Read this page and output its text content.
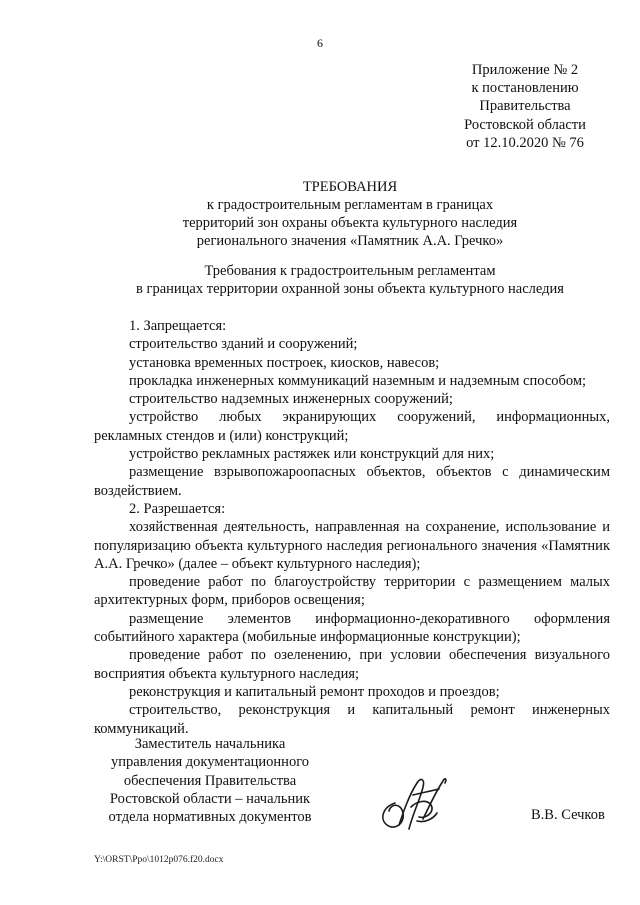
6
Приложение № 2
к постановлению
Правительства
Ростовской области
от 12.10.2020 № 76
ТРЕБОВАНИЯ
к градостроительным регламентам в границах
территорий зон охраны объекта культурного наследия
регионального значения «Памятник А.А. Гречко»
Требования к градостроительным регламентам
в границах территории охранной зоны объекта культурного наследия

1. Запрещается:

строительство зданий и сооружений;

установка временных построек, киосков, навесов;

прокладка инженерных коммуникаций наземным и надземным способом;

строительство надземных инженерных сооружений;

устройство любых экранирующих сооружений, информационных, рекламных стендов и (или) конструкций;

устройство рекламных растяжек или конструкций для них;

размещение взрывопожароопасных объектов, объектов с динамическим воздействием.

2. Разрешается:

хозяйственная деятельность, направленная на сохранение, использование и популяризацию объекта культурного наследия регионального значения «Памятник А.А. Гречко» (далее – объект культурного наследия);

проведение работ по благоустройству территории с размещением малых архитектурных форм, приборов освещения;

размещение элементов информационно-декоративного оформления событийного характера (мобильные информационные конструкции);

проведение работ по озеленению, при условии обеспечения визуального восприятия объекта культурного наследия;

реконструкция и капитальный ремонт проходов и проездов;

строительство, реконструкция и капитальный ремонт инженерных коммуникаций.

Заместитель начальника
управления документационного
обеспечения Правительства
Ростовской области – начальник
отдела нормативных документов	В.В. Сечков
Y:\ORST\Ppo\1012p076.f20.docx
